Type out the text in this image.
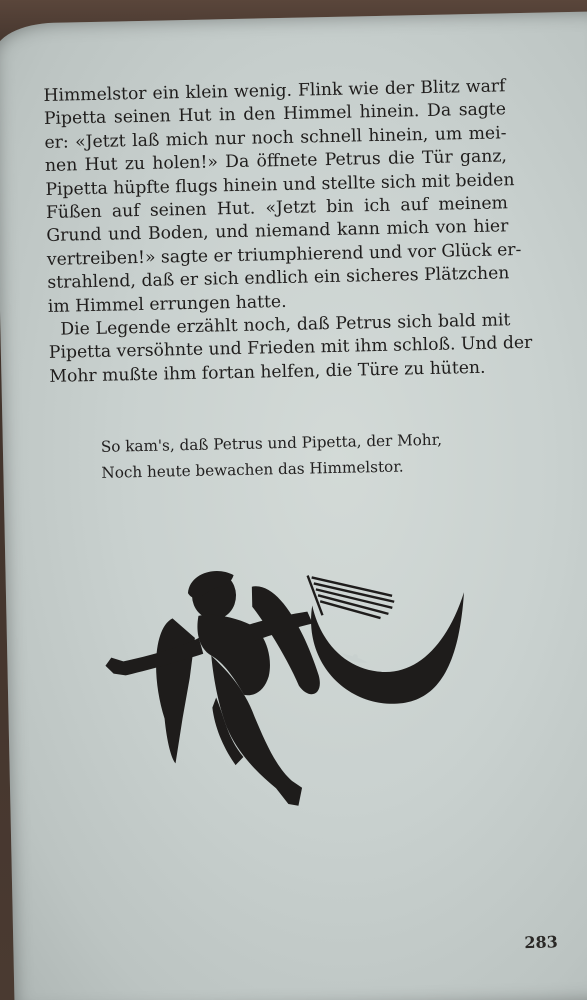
Himmelstor ein klein wenig. Flink wie der Blitz warf
Pipetta seinen Hut in den Himmel hinein. Da sagte
er: «Jetzt laß mich nur noch schnell hinein, um mei-
nen Hut zu holen!» Da öffnete Petrus die Tür ganz,
Pipetta hüpfte flugs hinein und stellte sich mit beiden
Füßen auf seinen Hut. «Jetzt bin ich auf meinem
Grund und Boden, und niemand kann mich von hier
vertreiben!» sagte er triumphierend und vor Glück er-
strahlend, daß er sich endlich ein sicheres Plätzchen
im Himmel errungen hatte.
Die Legende erzählt noch, daß Petrus sich bald mit
Pipetta versöhnte und Frieden mit ihm schloß. Und der
Mohr mußte ihm fortan helfen, die Türe zu hüten.
So kam's, daß Petrus und Pipetta, der Mohr,
Noch heute bewachen das Himmelstor.
283
